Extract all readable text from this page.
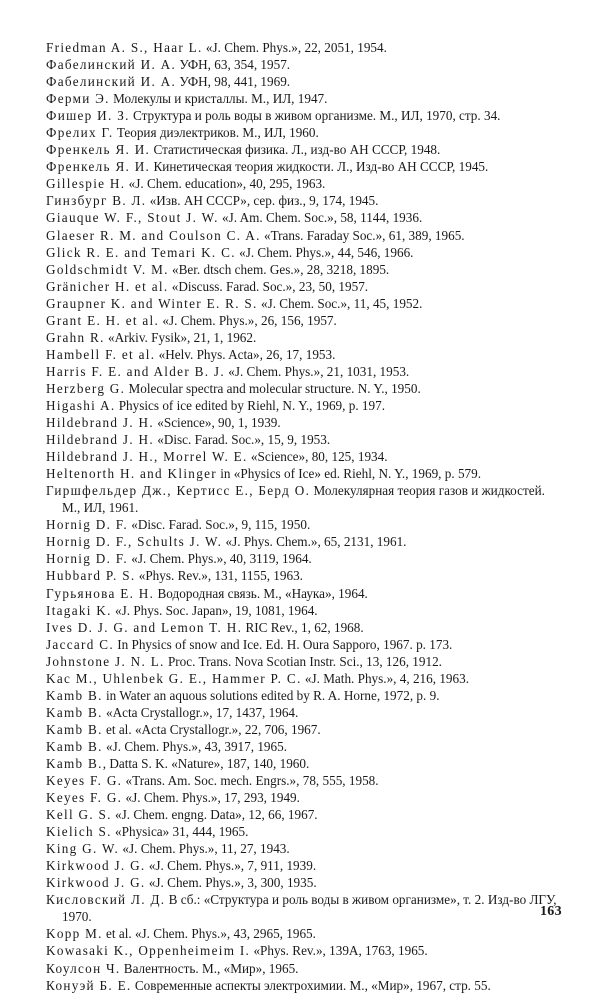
Friedman A. S., Haar L. «J. Chem. Phys.», 22, 2051, 1954.
Фабелинский И. А. УФН, 63, 354, 1957.
Фабелинский И. А. УФН, 98, 441, 1969.
Ферми Э. Молекулы и кристаллы. М., ИЛ, 1947.
Фишер И. З. Структура и роль воды в живом организме. М., ИЛ, 1970, стр. 34.
Фрелих Г. Теория диэлектриков. М., ИЛ, 1960.
Френкель Я. И. Статистическая физика. Л., изд-во АН СССР, 1948.
Френкель Я. И. Кинетическая теория жидкости. Л., Изд-во АН СССР, 1945.
Gillespie H. «J. Chem. education», 40, 295, 1963.
Гинзбург В. Л. «Изв. АН СССР», сер. физ., 9, 174, 1945.
Giauque W. F., Stout J. W. «J. Am. Chem. Soc.», 58, 1144, 1936.
Glaeser R. M. and Coulson C. A. «Trans. Faraday Soc.», 61, 389, 1965.
Glick R. E. and Temari K. C. «J. Chem. Phys.», 44, 546, 1966.
Goldschmidt V. M. «Ber. dtsch chem. Ges.», 28, 3218, 1895.
Gränicher H. et al. «Discuss. Farad. Soc.», 23, 50, 1957.
Graupner K. and Winter E. R. S. «J. Chem. Soc.», 11, 45, 1952.
Grant E. H. et al. «J. Chem. Phys.», 26, 156, 1957.
Grahn R. «Arkiv. Fysik», 21, 1, 1962.
Hambell F. et al. «Helv. Phys. Acta», 26, 17, 1953.
Harris F. E. and Alder B. J. «J. Chem. Phys.», 21, 1031, 1953.
Herzberg G. Molecular spectra and molecular structure. N. Y., 1950.
Higashi A. Physics of ice edited by Riehl, N. Y., 1969, p. 197.
Hildebrand J. H. «Science», 90, 1, 1939.
Hildebrand J. H. «Disc. Farad. Soc.», 15, 9, 1953.
Hildebrand J. H., Morrel W. E. «Science», 80, 125, 1934.
Heltenorth H. and Klinger in «Physics of Ice» ed. Riehl, N. Y., 1969, p. 579.
Гиршфельдер Дж., Кертисс Е., Берд О. Молекулярная теория газов и жидкостей. М., ИЛ, 1961.
Hornig D. F. «Disc. Farad. Soc.», 9, 115, 1950.
Hornig D. F., Schults J. W. «J. Phys. Chem.», 65, 2131, 1961.
Hornig D. F. «J. Chem. Phys.», 40, 3119, 1964.
Hubbard P. S. «Phys. Rev.», 131, 1155, 1963.
Гурьянова Е. Н. Водородная связь. М., «Наука», 1964.
Itagaki K. «J. Phys. Soc. Japan», 19, 1081, 1964.
Ives D. J. G. and Lemon T. H. RIC Rev., 1, 62, 1968.
Jaccard C. In Physics of snow and Ice. Ed. H. Oura Sapporo, 1967. p. 173.
Johnstone J. N. L. Proc. Trans. Nova Scotian Instr. Sci., 13, 126, 1912.
Kac M., Uhlenbek G. E., Hammer P. C. «J. Math. Phys.», 4, 216, 1963.
Kamb B. in Water an aquous solutions edited by R. A. Horne, 1972, p. 9.
Kamb B. «Acta Crystallogr.», 17, 1437, 1964.
Kamb B. et al. «Acta Crystallogr.», 22, 706, 1967.
Kamb B. «J. Chem. Phys.», 43, 3917, 1965.
Kamb B., Datta S. K. «Nature», 187, 140, 1960.
Keyes F. G. «Trans. Am. Soc. mech. Engrs.», 78, 555, 1958.
Keyes F. G. «J. Chem. Phys.», 17, 293, 1949.
Kell G. S. «J. Chem. engng. Data», 12, 66, 1967.
Kielich S. «Physica» 31, 444, 1965.
King G. W. «J. Chem. Phys.», 11, 27, 1943.
Kirkwood J. G. «J. Chem. Phys.», 7, 911, 1939.
Kirkwood J. G. «J. Chem. Phys.», 3, 300, 1935.
Кисловский Л. Д. В сб.: «Структура и роль воды в живом организме», т. 2. Изд-во ЛГУ, 1970.
Kopp M. et al. «J. Chem. Phys.», 43, 2965, 1965.
Kowasaki K., Oppenheimeim I. «Phys. Rev.», 139A, 1763, 1965.
Коулсон Ч. Валентность. М., «Мир», 1965.
Конуэй Б. Е. Современные аспекты электрохимии. М., «Мир», 1967, стр. 55.
163
